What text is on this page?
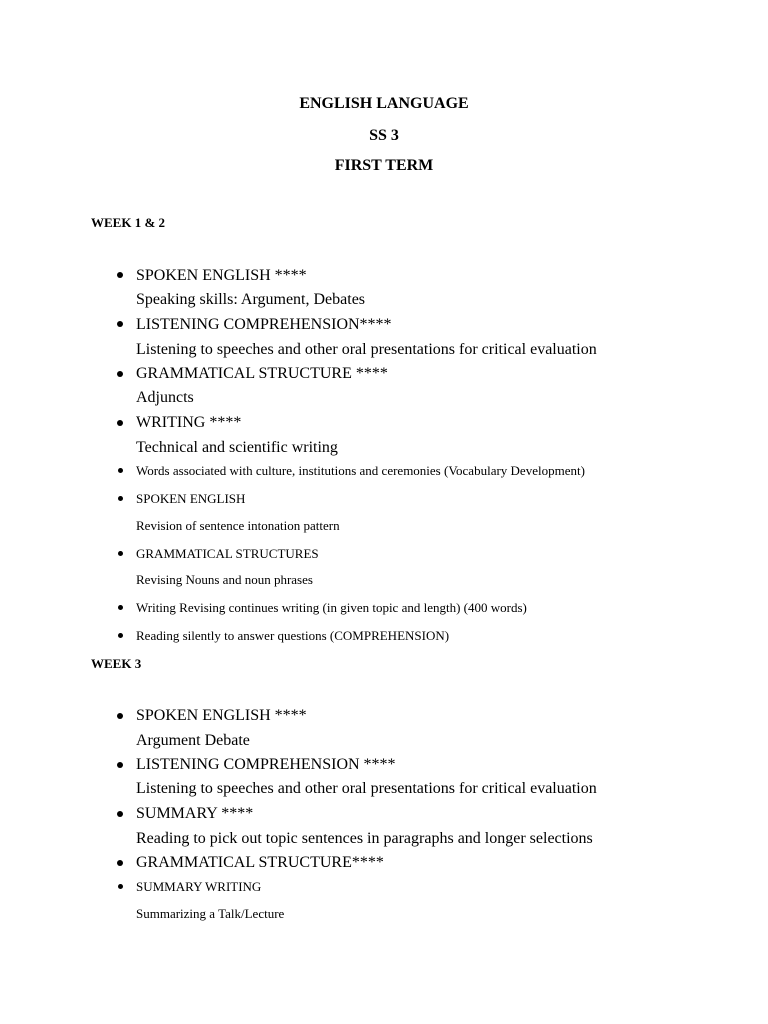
ENGLISH LANGUAGE
SS 3
FIRST TERM
WEEK 1 & 2
SPOKEN ENGLISH ****
Speaking skills: Argument, Debates
LISTENING COMPREHENSION****
Listening to speeches and other oral presentations for critical evaluation
GRAMMATICAL STRUCTURE ****
Adjuncts
WRITING ****
Technical and scientific writing
Words associated with culture, institutions and ceremonies (Vocabulary Development)
SPOKEN ENGLISH
Revision of sentence intonation pattern
GRAMMATICAL STRUCTURES
Revising Nouns and noun phrases
Writing Revising continues writing (in given topic and length) (400 words)
Reading silently to answer questions (COMPREHENSION)
WEEK 3
SPOKEN ENGLISH ****
Argument Debate
LISTENING COMPREHENSION ****
Listening to speeches and other oral presentations for critical evaluation
SUMMARY ****
Reading to pick out topic sentences in paragraphs and longer selections
GRAMMATICAL STRUCTURE****
SUMMARY WRITING
Summarizing a Talk/Lecture
